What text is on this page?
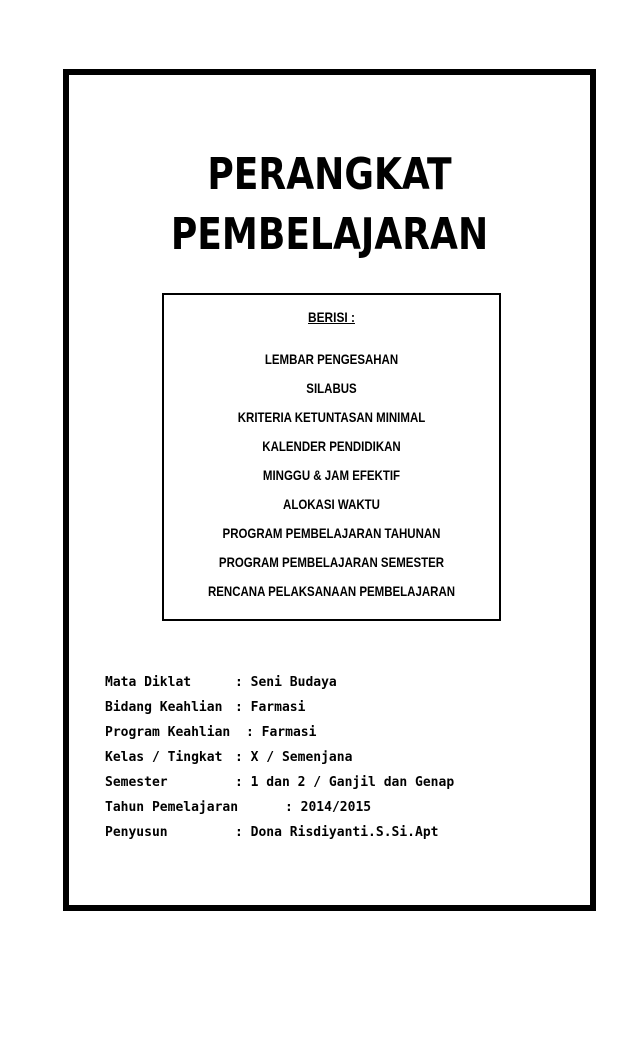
PERANGKAT
PEMBELAJARAN
BERISI :
LEMBAR PENGESAHAN
SILABUS
KRITERIA KETUNTASAN MINIMAL
KALENDER PENDIDIKAN
MINGGU & JAM EFEKTIF
ALOKASI WAKTU
PROGRAM PEMBELAJARAN TAHUNAN
PROGRAM PEMBELAJARAN SEMESTER
RENCANA PELAKSANAAN PEMBELAJARAN
Mata Diklat	: Seni Budaya
Bidang Keahlian : Farmasi
Program Keahlian : Farmasi
Kelas / Tingkat : X / Semenjana
Semester	: 1 dan 2 / Ganjil dan Genap
Tahun Pemelajaran	: 2014/2015
Penyusun	: Dona Risdiyanti.S.Si.Apt
